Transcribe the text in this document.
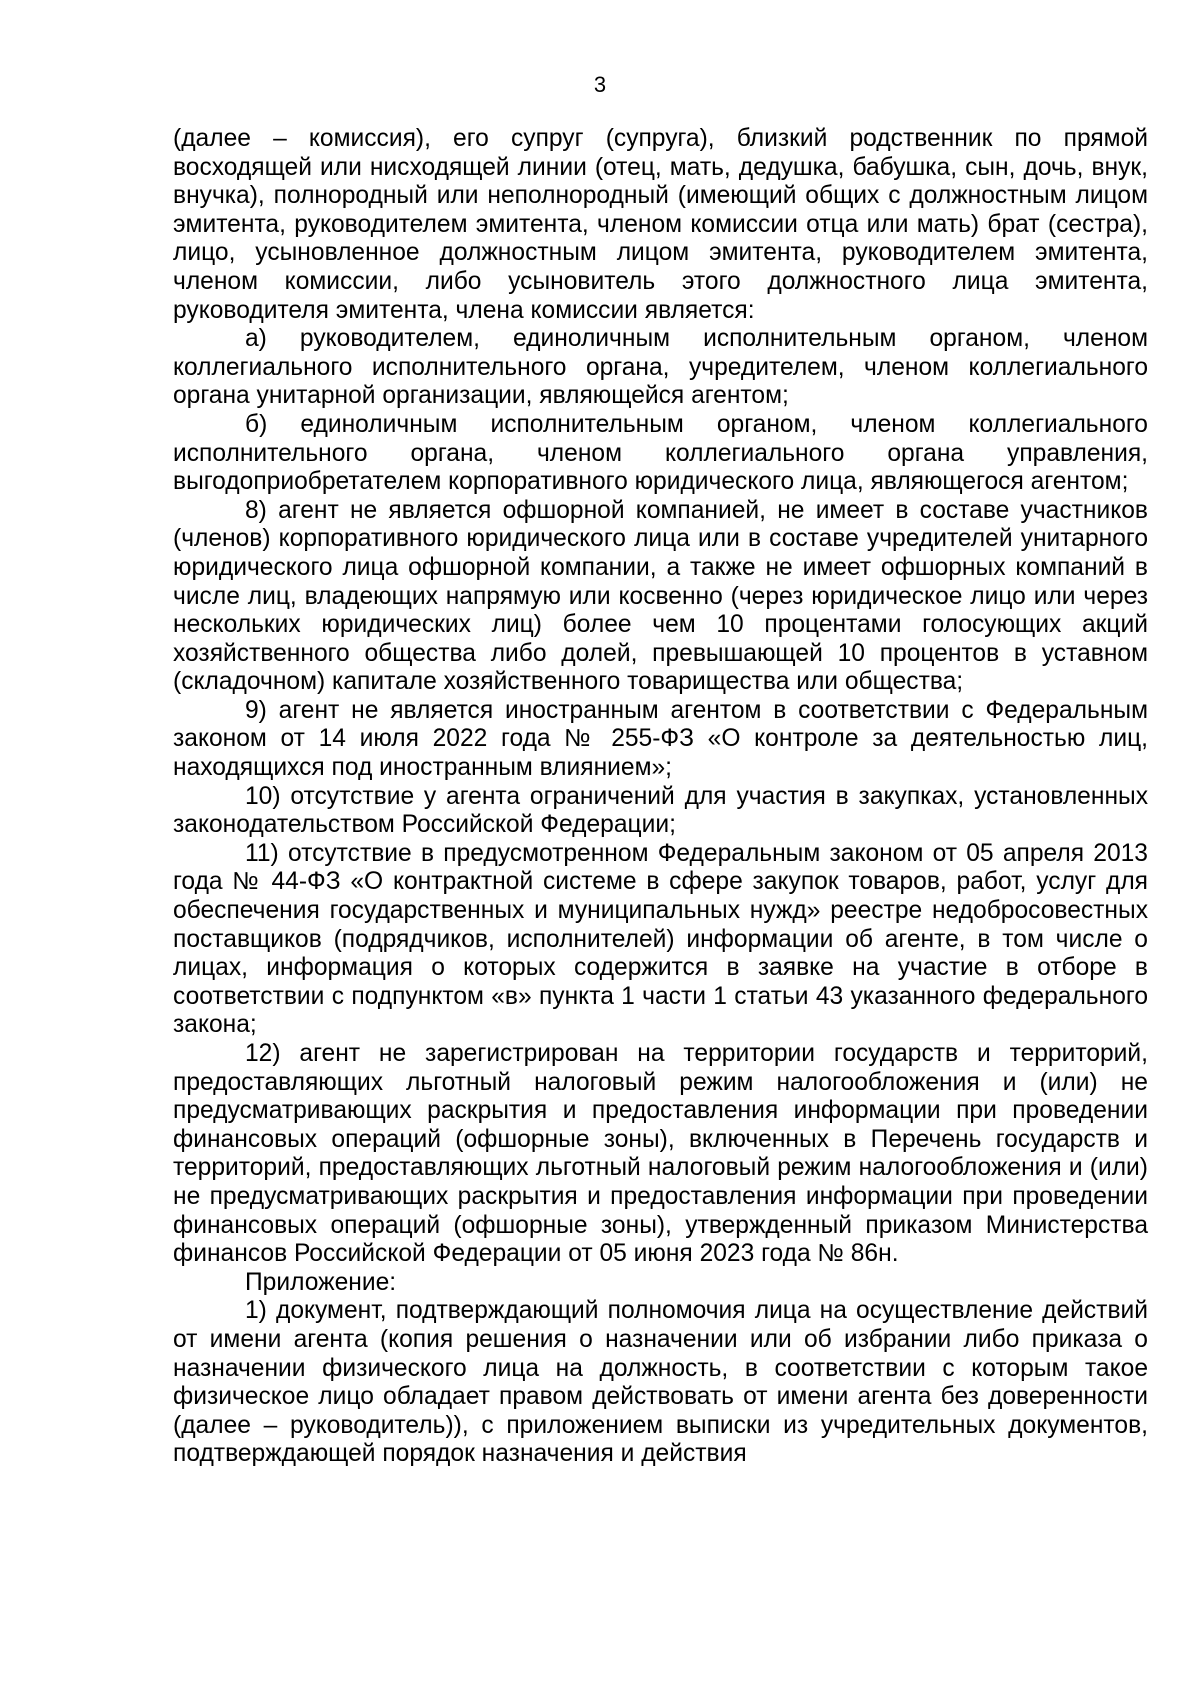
3

(далее – комиссия), его супруг (супруга), близкий родственник по прямой восходящей или нисходящей линии (отец, мать, дедушка, бабушка, сын, дочь, внук, внучка), полнородный или неполнородный (имеющий общих с должностным лицом эмитента, руководителем эмитента, членом комиссии отца или мать) брат (сестра), лицо, усыновленное должностным лицом эмитента, руководителем эмитента, членом комиссии, либо усыновитель этого должностного лица эмитента, руководителя эмитента, члена комиссии является:

а) руководителем, единоличным исполнительным органом, членом коллегиального исполнительного органа, учредителем, членом коллегиального органа унитарной организации, являющейся агентом;

б) единоличным исполнительным органом, членом коллегиального исполнительного органа, членом коллегиального органа управления, выгодоприобретателем корпоративного юридического лица, являющегося агентом;

8) агент не является офшорной компанией, не имеет в составе участников (членов) корпоративного юридического лица или в составе учредителей унитарного юридического лица офшорной компании, а также не имеет офшорных компаний в числе лиц, владеющих напрямую или косвенно (через юридическое лицо или через нескольких юридических лиц) более чем 10 процентами голосующих акций хозяйственного общества либо долей, превышающей 10 процентов в уставном (складочном) капитале хозяйственного товарищества или общества;

9) агент не является иностранным агентом в соответствии с Федеральным законом от 14 июля 2022 года № 255-ФЗ «О контроле за деятельностью лиц, находящихся под иностранным влиянием»;

10) отсутствие у агента ограничений для участия в закупках, установленных законодательством Российской Федерации;

11) отсутствие в предусмотренном Федеральным законом от 05 апреля 2013 года № 44-ФЗ «О контрактной системе в сфере закупок товаров, работ, услуг для обеспечения государственных и муниципальных нужд» реестре недобросовестных поставщиков (подрядчиков, исполнителей) информации об агенте, в том числе о лицах, информация о которых содержится в заявке на участие в отборе в соответствии с подпунктом «в» пункта 1 части 1 статьи 43 указанного федерального закона;

12) агент не зарегистрирован на территории государств и территорий, предоставляющих льготный налоговый режим налогообложения и (или) не предусматривающих раскрытия и предоставления информации при проведении финансовых операций (офшорные зоны), включенных в Перечень государств и территорий, предоставляющих льготный налоговый режим налогообложения и (или) не предусматривающих раскрытия и предоставления информации при проведении финансовых операций (офшорные зоны), утвержденный приказом Министерства финансов Российской Федерации от 05 июня 2023 года № 86н.

Приложение:

1) документ, подтверждающий полномочия лица на осуществление действий от имени агента (копия решения о назначении или об избрании либо приказа о назначении физического лица на должность, в соответствии с которым такое физическое лицо обладает правом действовать от имени агента без доверенности (далее – руководитель)), с приложением выписки из учредительных документов, подтверждающей порядок назначения и действия
